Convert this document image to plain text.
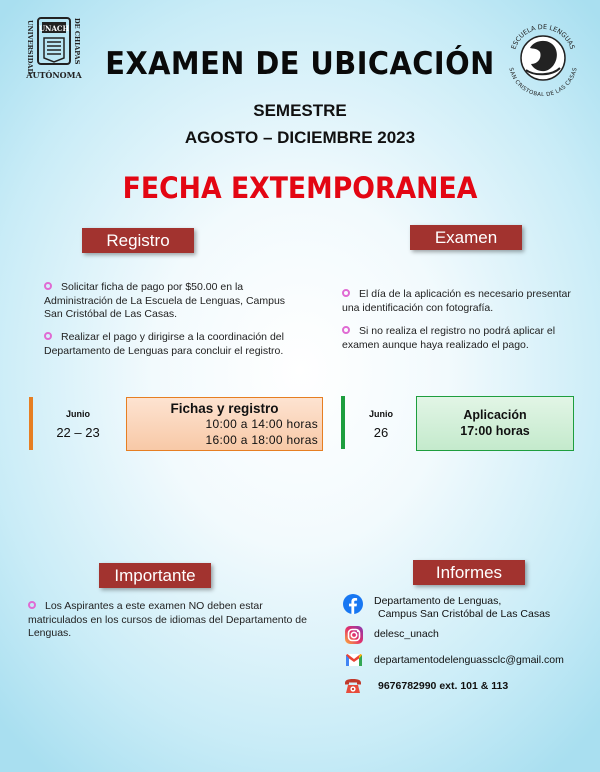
UNACH
UNIVERSIDAD	DE CHIAPAS
AUTÓNOMA
ESCUELA DE LENGUAS
SAN CRISTOBAL DE LAS CASAS
EXAMEN DE UBICACIÓN
SEMESTRE
AGOSTO – DICIEMBRE 2023
FECHA EXTEMPORANEA
Registro
Solicitar ficha de pago por $50.00 en la Administración de La Escuela de Lenguas, Campus San Cristóbal de Las Casas.
Realizar el pago y dirigirse a la coordinación del Departamento de Lenguas para concluir el registro.
Examen
El día de la aplicación es necesario presentar una identificación con fotografía.
Si no realiza el registro no podrá aplicar el examen aunque haya realizado el pago.
Junio
22 – 23
Fichas y registro
10:00 a 14:00 horas
16:00 a 18:00 horas
Junio
26
Aplicación
17:00 horas
Importante
Los Aspirantes a este examen NO deben estar matriculados en los cursos de idiomas del Departamento de Lenguas.
Informes
Departamento de Lenguas,
Campus San Cristóbal de Las Casas
delesc_unach
departamentodelenguassclc@gmail.com
9676782990 ext. 101 & 113
